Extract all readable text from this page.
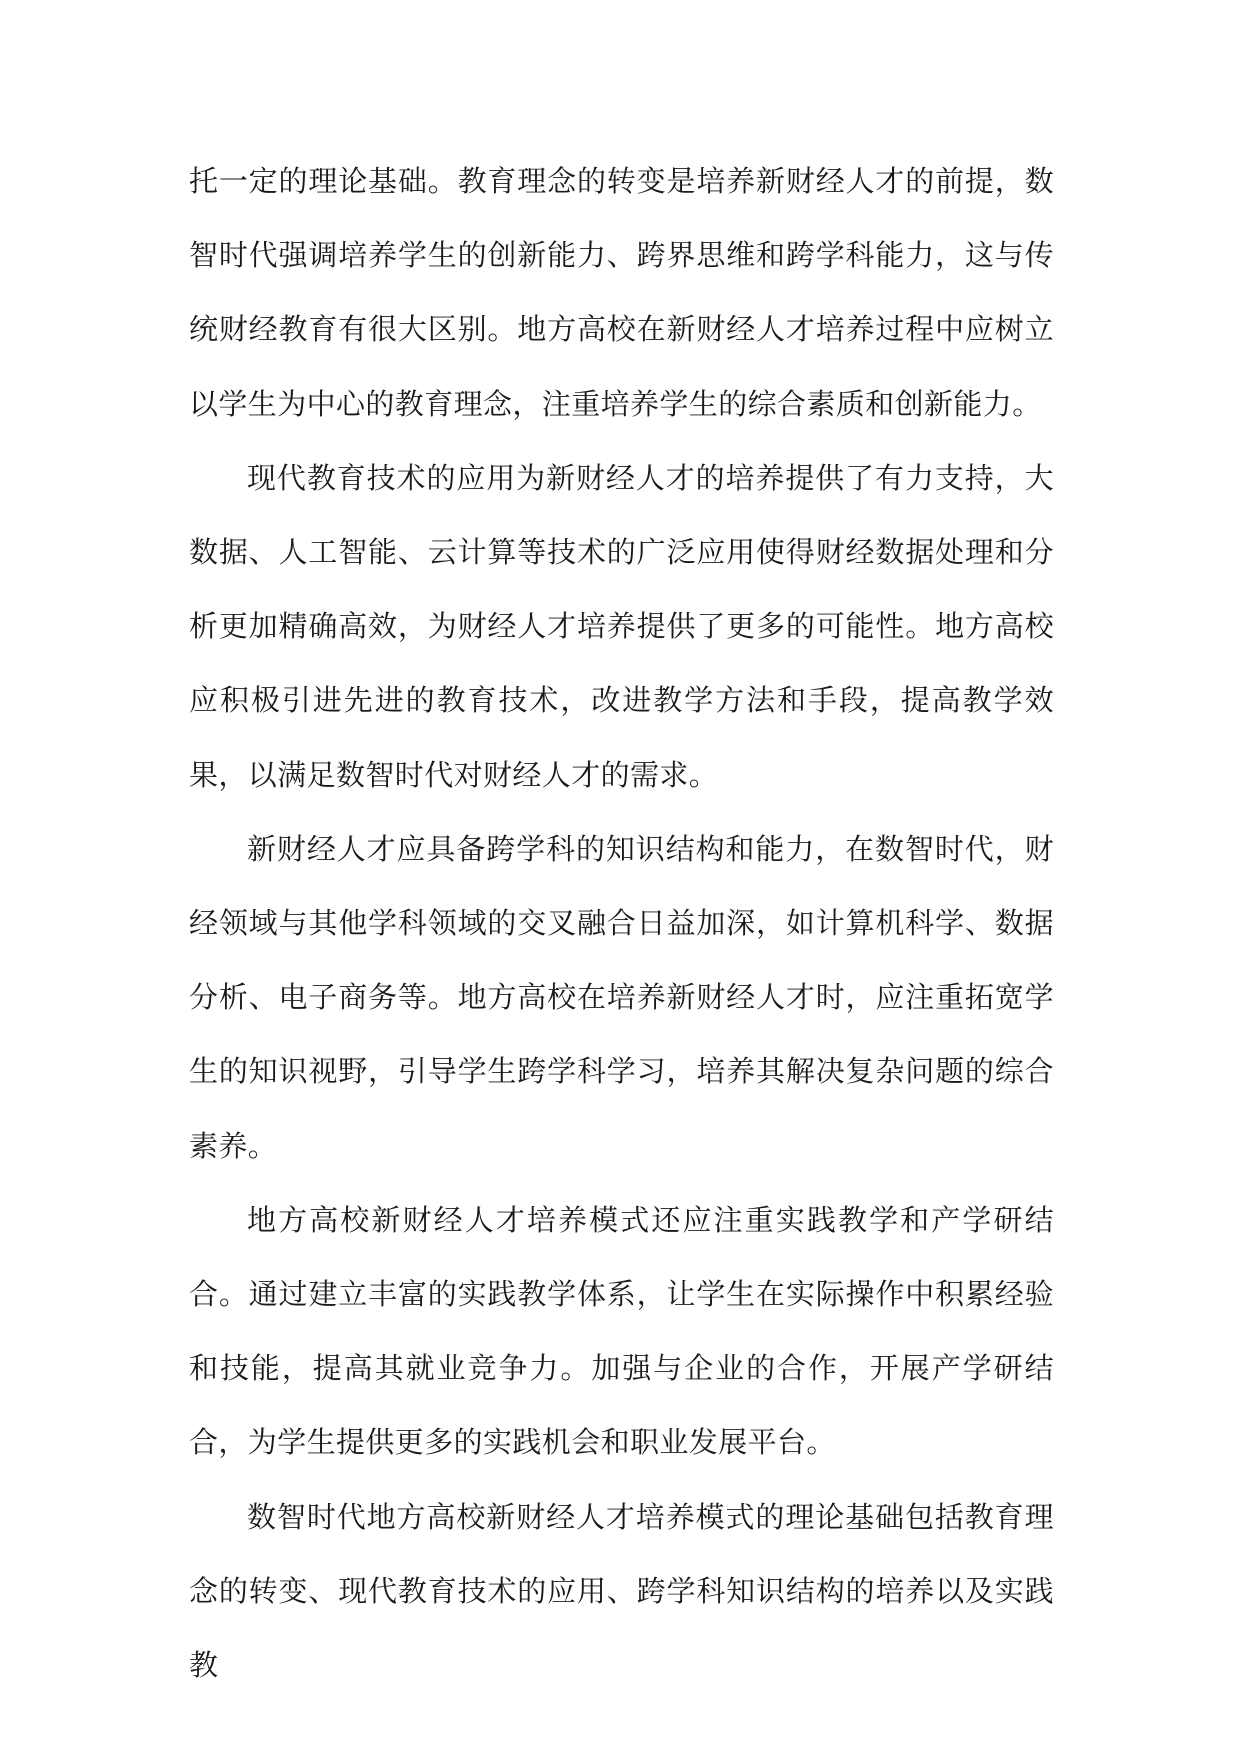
托一定的理论基础。教育理念的转变是培养新财经人才的前提，数智时代强调培养学生的创新能力、跨界思维和跨学科能力，这与传统财经教育有很大区别。地方高校在新财经人才培养过程中应树立以学生为中心的教育理念，注重培养学生的综合素质和创新能力。

现代教育技术的应用为新财经人才的培养提供了有力支持，大数据、人工智能、云计算等技术的广泛应用使得财经数据处理和分析更加精确高效，为财经人才培养提供了更多的可能性。地方高校应积极引进先进的教育技术，改进教学方法和手段，提高教学效果，以满足数智时代对财经人才的需求。

新财经人才应具备跨学科的知识结构和能力，在数智时代，财经领域与其他学科领域的交叉融合日益加深，如计算机科学、数据分析、电子商务等。地方高校在培养新财经人才时，应注重拓宽学生的知识视野，引导学生跨学科学习，培养其解决复杂问题的综合素养。

地方高校新财经人才培养模式还应注重实践教学和产学研结合。通过建立丰富的实践教学体系，让学生在实际操作中积累经验和技能，提高其就业竞争力。加强与企业的合作，开展产学研结合，为学生提供更多的实践机会和职业发展平台。

数智时代地方高校新财经人才培养模式的理论基础包括教育理念的转变、现代教育技术的应用、跨学科知识结构的培养以及实践教
